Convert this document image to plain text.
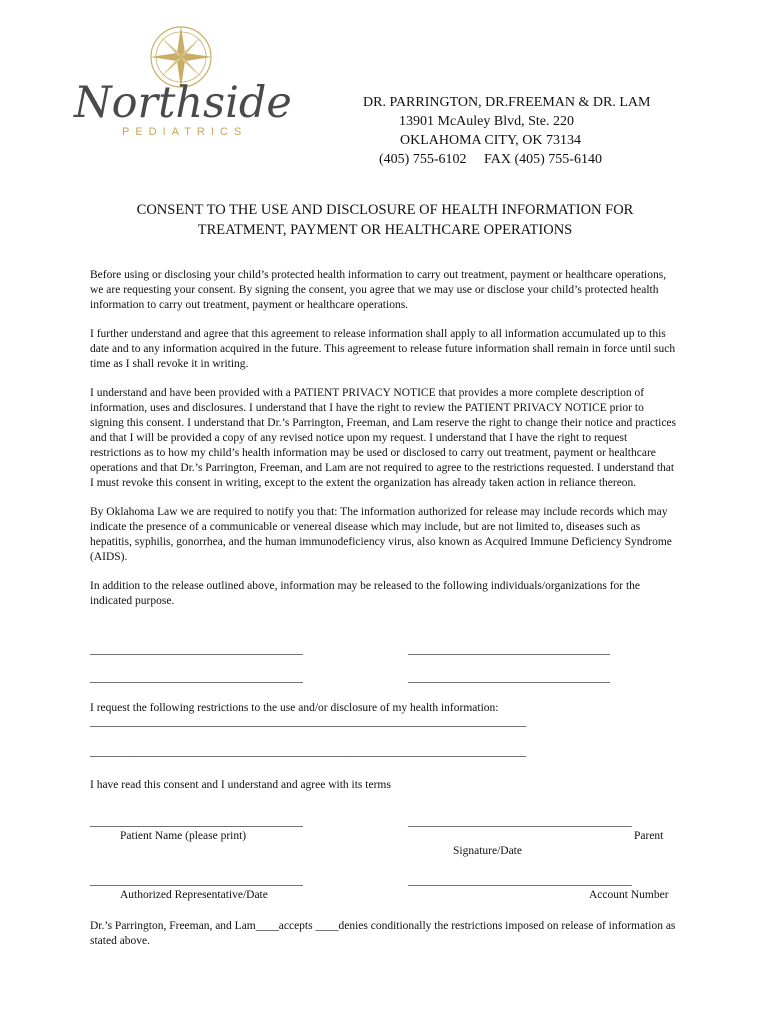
Northside
PEDIATRICS
DR. PARRINGTON, DR.FREEMAN & DR. LAM
13901 McAuley Blvd, Ste. 220
OKLAHOMA CITY, OK 73134
(405) 755-6102     FAX (405) 755-6140
CONSENT TO THE USE AND DISCLOSURE OF HEALTH INFORMATION FOR
TREATMENT, PAYMENT OR HEALTHCARE OPERATIONS

Before using or disclosing your child’s protected health information to carry out treatment, payment or healthcare operations, we are requesting your consent. By signing the consent, you agree that we may use or disclose your child’s protected health information to carry out treatment, payment or healthcare operations.

I further understand and agree that this agreement to release information shall apply to all information accumulated up to this date and to any information acquired in the future. This agreement to release future information shall remain in force until such time as I shall revoke it in writing.

I understand and have been provided with a PATIENT PRIVACY NOTICE that provides a more complete description of information, uses and disclosures. I understand that I have the right to review the PATIENT PRIVACY NOTICE prior to signing this consent. I understand that Dr.’s Parrington, Freeman, and Lam reserve the right to change their notice and practices and that I will be provided a copy of any revised notice upon my request. I understand that I have the right to request restrictions as to how my child’s health information may be used or disclosed to carry out treatment, payment or healthcare operations and that Dr.’s Parrington, Freeman, and Lam are not required to agree to the restrictions requested. I understand that I must revoke this consent in writing, except to the extent the organization has already taken action in reliance thereon.

By Oklahoma Law we are required to notify you that: The information authorized for release may include records which may indicate the presence of a communicable or venereal disease which may include, but are not limited to, diseases such as hepatitis, syphilis, gonorrhea, and the human immunodeficiency virus, also known as Acquired Immune Deficiency Syndrome (AIDS).

In addition to the release outlined above, information may be released to the following individuals/organizations for the indicated purpose.

_______________________________________	_____________________________________
_______________________________________	_____________________________________
I request the following restrictions to the use and/or disclosure of my health information:
________________________________________________________________________________
________________________________________________________________________________
I have read this consent and I understand and agree with its terms
_______________________________________	_________________________________________
Patient Name (please print)	Parent
Signature/Date
_______________________________________	_________________________________________
Authorized Representative/Date	Account Number

Dr.’s Parrington, Freeman, and Lam____accepts ____denies conditionally the restrictions imposed on release of information as stated above.
